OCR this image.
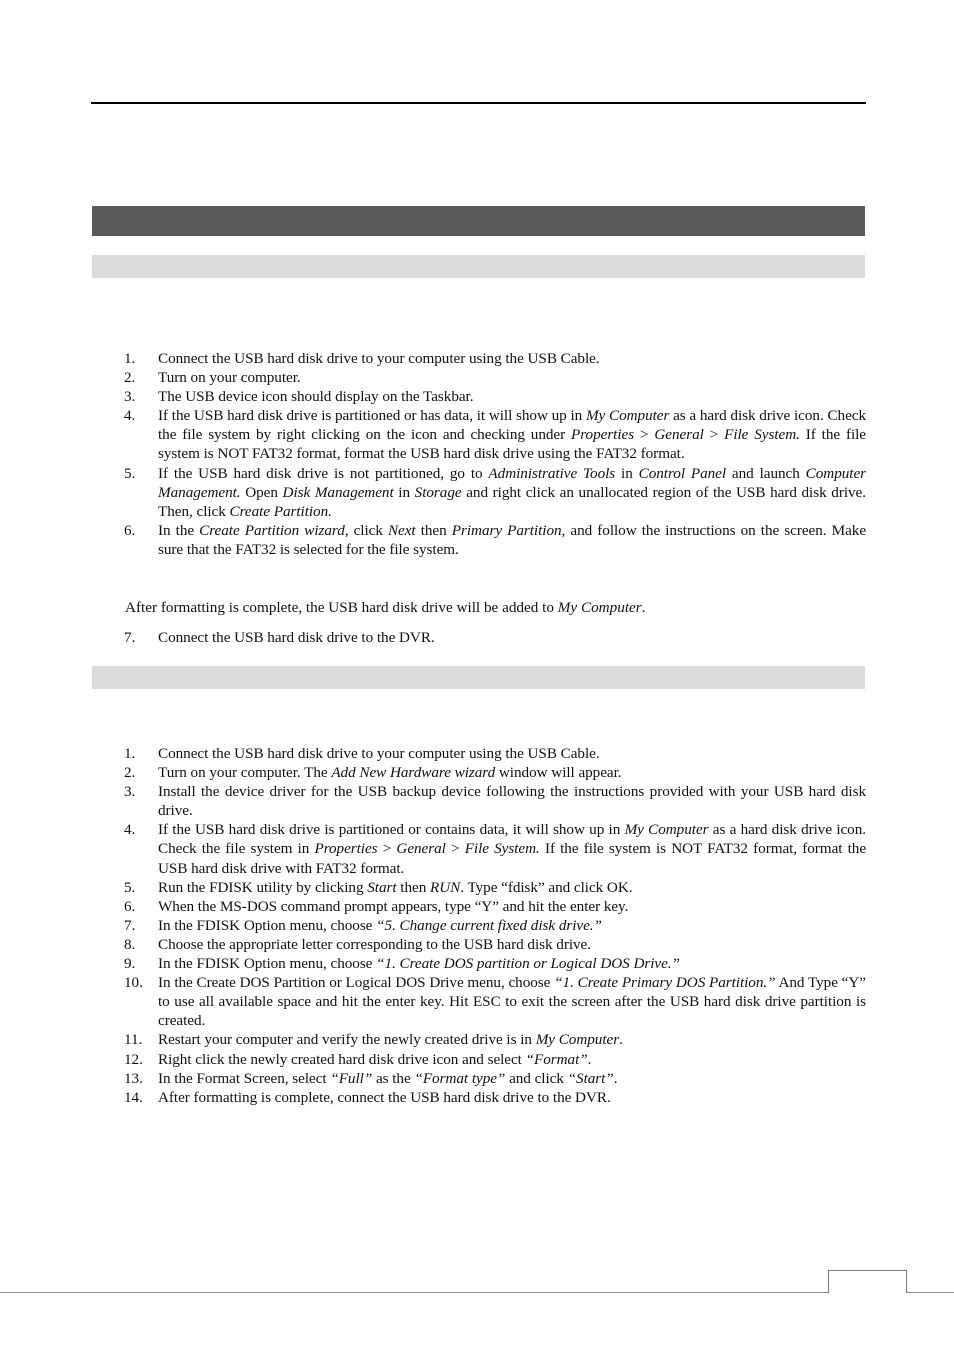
1. Connect the USB hard disk drive to your computer using the USB Cable.
2. Turn on your computer.
3. The USB device icon should display on the Taskbar.
4. If the USB hard disk drive is partitioned or has data, it will show up in My Computer as a hard disk drive icon. Check the file system by right clicking on the icon and checking under Properties > General > File System. If the file system is NOT FAT32 format, format the USB hard disk drive using the FAT32 format.
5. If the USB hard disk drive is not partitioned, go to Administrative Tools in Control Panel and launch Computer Management. Open Disk Management in Storage and right click an unallocated region of the USB hard disk drive. Then, click Create Partition.
6. In the Create Partition wizard, click Next then Primary Partition, and follow the instructions on the screen. Make sure that the FAT32 is selected for the file system.

After formatting is complete, the USB hard disk drive will be added to My Computer.

7. Connect the USB hard disk drive to the DVR.
1. Connect the USB hard disk drive to your computer using the USB Cable.
2. Turn on your computer. The Add New Hardware wizard window will appear.
3. Install the device driver for the USB backup device following the instructions provided with your USB hard disk drive.
4. If the USB hard disk drive is partitioned or contains data, it will show up in My Computer as a hard disk drive icon. Check the file system in Properties > General > File System. If the file system is NOT FAT32 format, format the USB hard disk drive with FAT32 format.
5. Run the FDISK utility by clicking Start then RUN. Type “fdisk” and click OK.
6. When the MS-DOS command prompt appears, type “Y” and hit the enter key.
7. In the FDISK Option menu, choose “5. Change current fixed disk drive.”
8. Choose the appropriate letter corresponding to the USB hard disk drive.
9. In the FDISK Option menu, choose “1. Create DOS partition or Logical DOS Drive.”
10. In the Create DOS Partition or Logical DOS Drive menu, choose “1. Create Primary DOS Partition.” And Type “Y” to use all available space and hit the enter key. Hit ESC to exit the screen after the USB hard disk drive partition is created.
11. Restart your computer and verify the newly created drive is in My Computer.
12. Right click the newly created hard disk drive icon and select “Format”.
13. In the Format Screen, select “Full” as the “Format type” and click “Start”.
14. After formatting is complete, connect the USB hard disk drive to the DVR.
